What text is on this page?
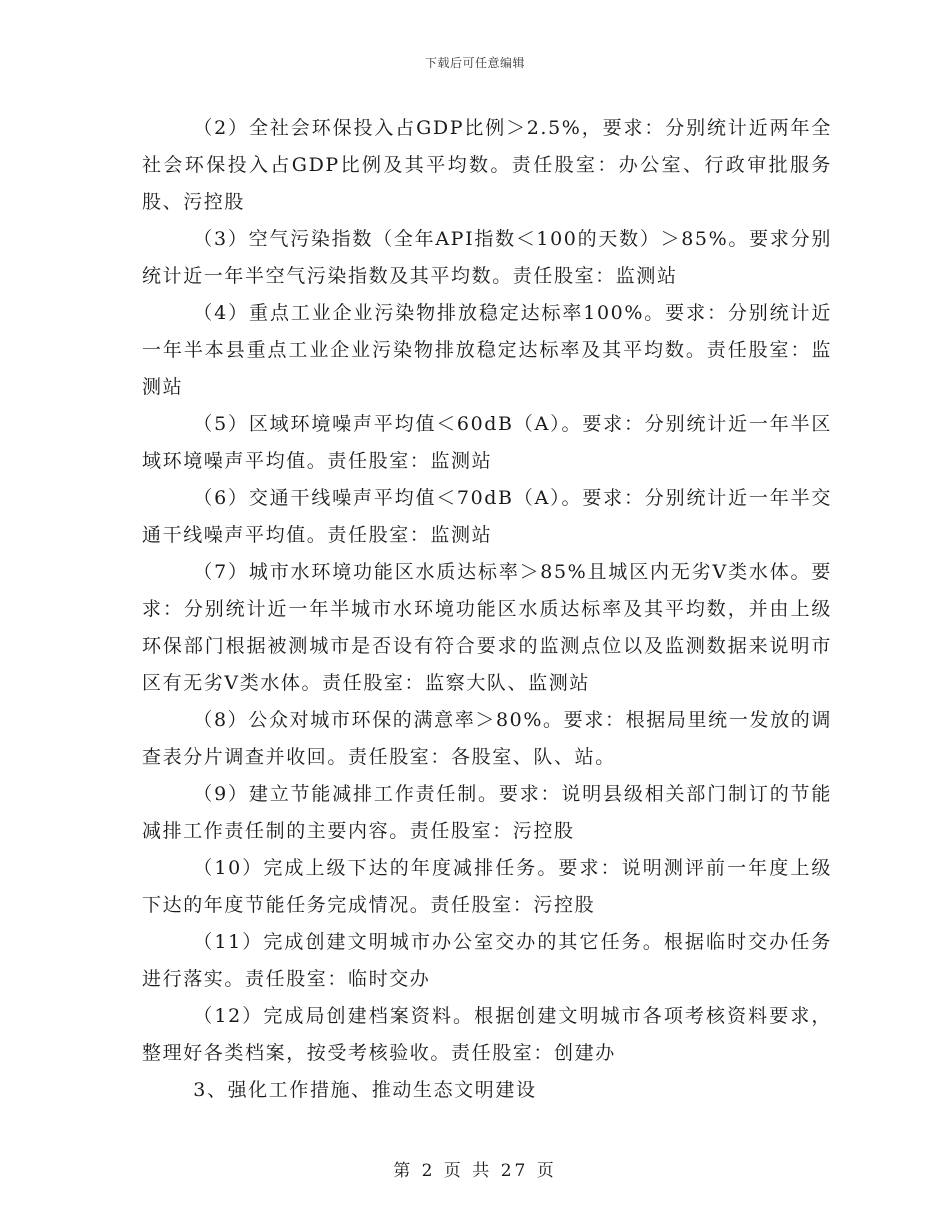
下载后可任意编辑

（2）全社会环保投入占GDP比例＞2.5%，要求：分别统计近两年全社会环保投入占GDP比例及其平均数。责任股室：办公室、行政审批服务股、污控股

（3）空气污染指数（全年API指数＜100的天数）＞85%。要求分别统计近一年半空气污染指数及其平均数。责任股室：监测站

（4）重点工业企业污染物排放稳定达标率100%。要求：分别统计近一年半本县重点工业企业污染物排放稳定达标率及其平均数。责任股室：监测站

（5）区域环境噪声平均值＜60dB（A）。要求：分别统计近一年半区域环境噪声平均值。责任股室：监测站

（6）交通干线噪声平均值＜70dB（A）。要求：分别统计近一年半交通干线噪声平均值。责任股室：监测站

（7）城市水环境功能区水质达标率＞85%且城区内无劣Ⅴ类水体。要求：分别统计近一年半城市水环境功能区水质达标率及其平均数，并由上级环保部门根据被测城市是否设有符合要求的监测点位以及监测数据来说明市区有无劣Ⅴ类水体。责任股室：监察大队、监测站

（8）公众对城市环保的满意率＞80%。要求：根据局里统一发放的调查表分片调查并收回。责任股室：各股室、队、站。

（9）建立节能减排工作责任制。要求：说明县级相关部门制订的节能减排工作责任制的主要内容。责任股室：污控股

（10）完成上级下达的年度减排任务。要求：说明测评前一年度上级下达的年度节能任务完成情况。责任股室：污控股

（11）完成创建文明城市办公室交办的其它任务。根据临时交办任务进行落实。责任股室：临时交办

（12）完成局创建档案资料。根据创建文明城市各项考核资料要求，整理好各类档案，按受考核验收。责任股室：创建办

3、强化工作措施、推动生态文明建设

第 2 页 共 27 页
